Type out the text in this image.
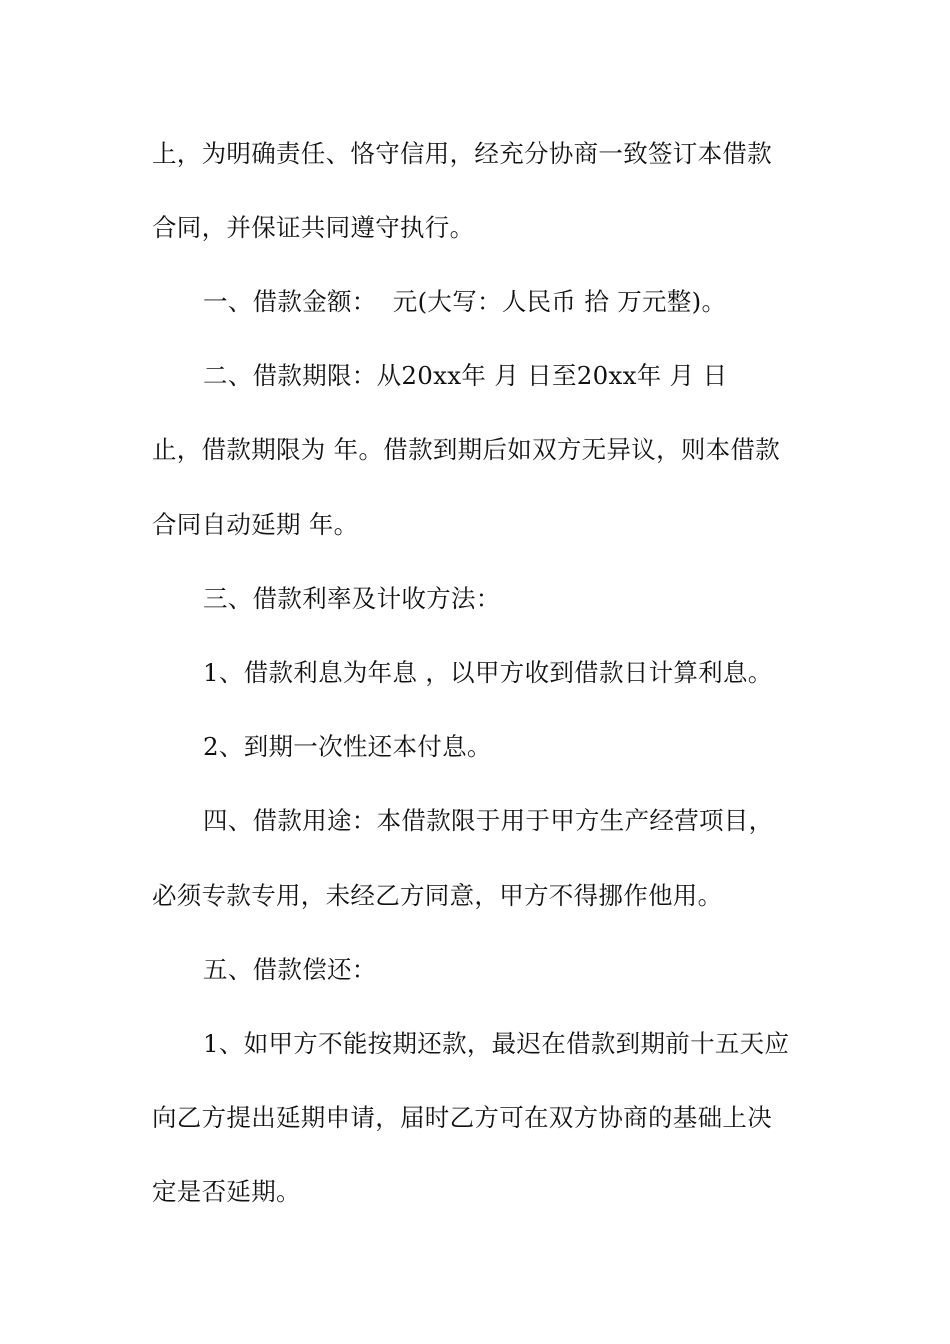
上，为明确责任、恪守信用，经充分协商一致签订本借款
合同，并保证共同遵守执行。
一、借款金额：  元(大写：人民币 拾 万元整)。
二、借款期限：从20xx年 月 日至20xx年 月 日
止，借款期限为 年。借款到期后如双方无异议，则本借款
合同自动延期 年。
三、借款利率及计收方法：
1、借款利息为年息 ，以甲方收到借款日计算利息。
2、到期一次性还本付息。
四、借款用途：本借款限于用于甲方生产经营项目，
必须专款专用，未经乙方同意，甲方不得挪作他用。
五、借款偿还：
1、如甲方不能按期还款，最迟在借款到期前十五天应
向乙方提出延期申请，届时乙方可在双方协商的基础上决
定是否延期。
